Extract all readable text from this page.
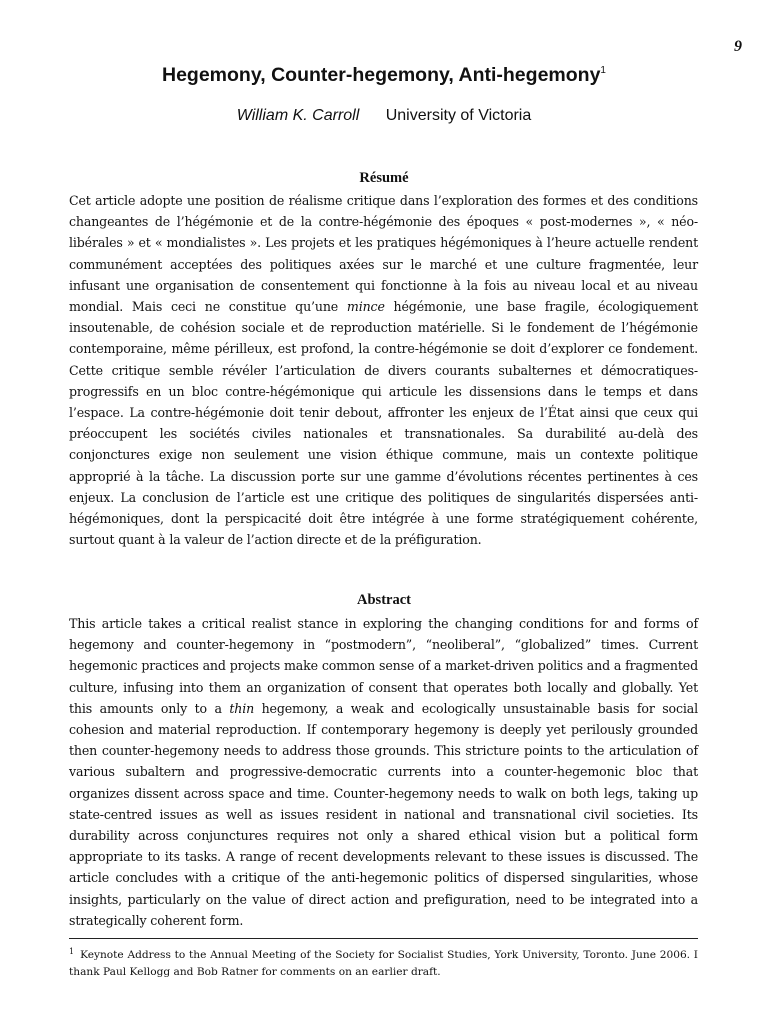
9
Hegemony, Counter-hegemony, Anti-hegemony$^1$
William K. Carroll University of Victoria
Résumé

Cet article adopte une position de réalisme critique dans l’exploration des formes et des conditions changeantes de l’hégémonie et de la contre-hégémonie des époques « post-modernes », « néo-libérales » et « mondialistes ». Les projets et les pratiques hégémoniques à l’heure actuelle rendent communément acceptées des politiques axées sur le marché et une culture fragmentée, leur infusant une organisation de consentement qui fonctionne à la fois au niveau local et au niveau mondial. Mais ceci ne constitue qu’une mince hégémonie, une base fragile, écologiquement insoutenable, de cohésion sociale et de reproduction matérielle. Si le fondement de l’hégémonie contemporaine, même périlleux, est profond, la contre-hégémonie se doit d’explorer ce fondement. Cette critique semble révéler l’articulation de divers courants subalternes et démocratiques-progressifs en un bloc contre-hégémonique qui articule les dissensions dans le temps et dans l’espace. La contre-hégémonie doit tenir debout, affronter les enjeux de l’État ainsi que ceux qui préoccupent les sociétés civiles nationales et transnationales. Sa durabilité au-delà des conjonctures exige non seulement une vision éthique commune, mais un contexte politique approprié à la tâche. La discussion porte sur une gamme d’évolutions récentes pertinentes à ces enjeux. La conclusion de l’article est une critique des politiques de singularités dispersées anti-hégémoniques, dont la perspicacité doit être intégrée à une forme stratégiquement cohérente, surtout quant à la valeur de l’action directe et de la préfiguration.

Abstract

This article takes a critical realist stance in exploring the changing conditions for and forms of hegemony and counter-hegemony in “postmodern”, “neoliberal”, “globalized” times. Current hegemonic practices and projects make common sense of a market-driven politics and a fragmented culture, infusing into them an organization of consent that operates both locally and globally. Yet this amounts only to a thin hegemony, a weak and ecologically unsustainable basis for social cohesion and material reproduction. If contemporary hegemony is deeply yet perilously grounded then counter-hegemony needs to address those grounds. This stricture points to the articulation of various subaltern and progressive-democratic currents into a counter-hegemonic bloc that organizes dissent across space and time. Counter-hegemony needs to walk on both legs, taking up state-centred issues as well as issues resident in national and transnational civil societies. Its durability across conjunctures requires not only a shared ethical vision but a political form appropriate to its tasks. A range of recent developments relevant to these issues is discussed. The article concludes with a critique of the anti-hegemonic politics of dispersed singularities, whose insights, particularly on the value of direct action and prefiguration, need to be integrated into a strategically coherent form.

$^1$ Keynote Address to the Annual Meeting of the Society for Socialist Studies, York University, Toronto. June 2006. I thank Paul Kellogg and Bob Ratner for comments on an earlier draft.
